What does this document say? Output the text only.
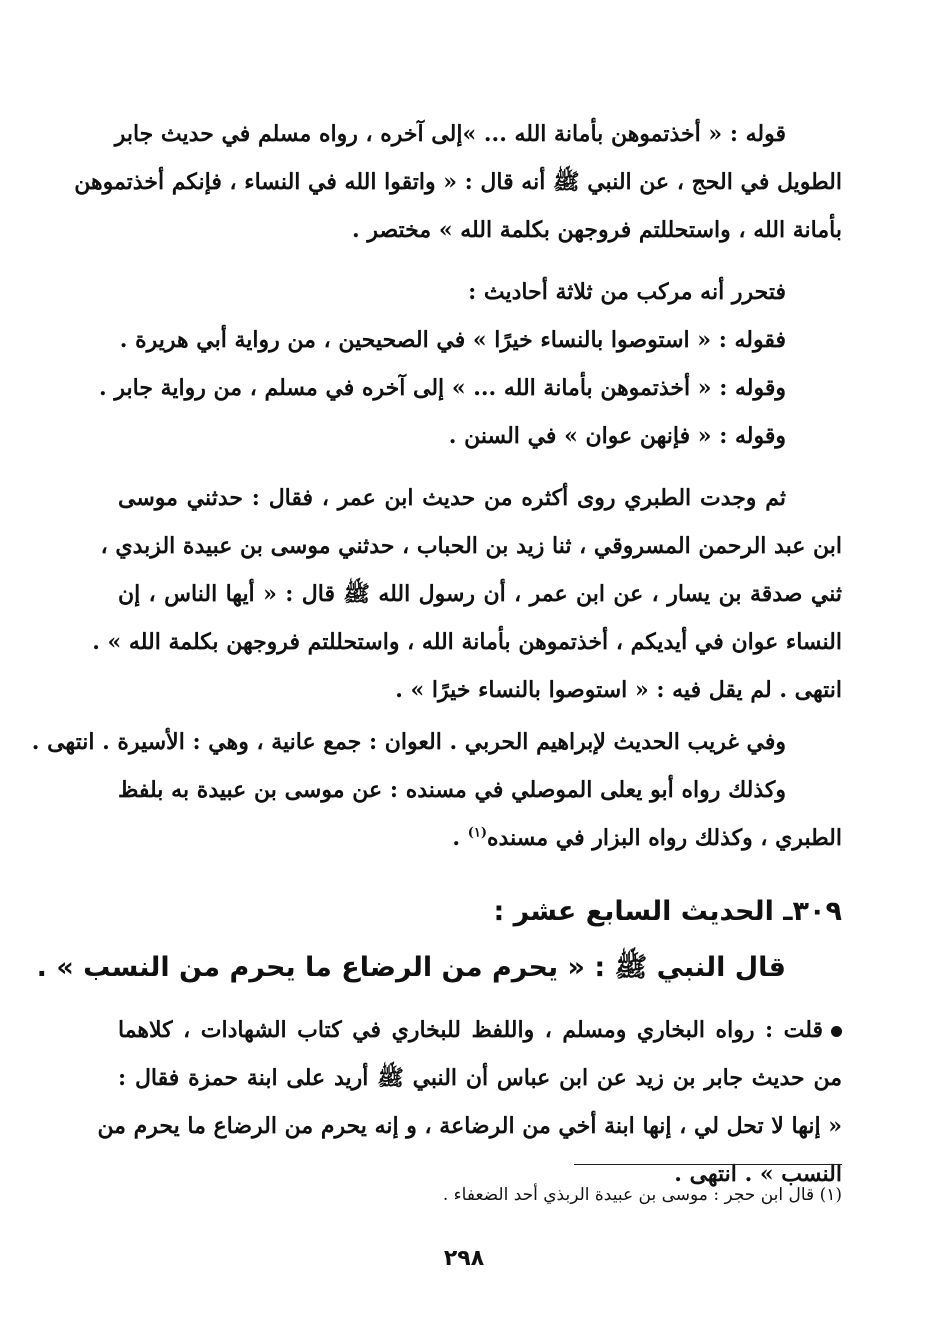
قوله : « أخذتموهن بأمانة الله ... »إلى آخره ، رواه مسلم في حديث جابر
الطويل في الحج ، عن النبي ﷺ أنه قال : « واتقوا الله في النساء ، فإنكم أخذتموهن
بأمانة الله ، واستحللتم فروجهن بكلمة الله » مختصر .
فتحرر أنه مركب من ثلاثة أحاديث :
فقوله : « استوصوا بالنساء خيرًا » في الصحيحين ، من رواية أبي هريرة .
وقوله : « أخذتموهن بأمانة الله ... » إلى آخره في مسلم ، من رواية جابر .
وقوله : « فإنهن عوان » في السنن .
ثم وجدت الطبري روى أكثره من حديث ابن عمر ، فقال : حدثني موسى
ابن عبد الرحمن المسروقي ، ثنا زيد بن الحباب ، حدثني موسى بن عبيدة الزبدي ،
ثني صدقة بن يسار ، عن ابن عمر ، أن رسول الله ﷺ قال : « أيها الناس ، إن
النساء عوان في أيديكم ، أخذتموهن بأمانة الله ، واستحللتم فروجهن بكلمة الله » .
انتهى . لم يقل فيه : « استوصوا بالنساء خيرًا » .
وفي غريب الحديث لإبراهيم الحربي . العوان : جمع عانية ، وهي : الأسيرة . انتهى .
وكذلك رواه أبو يعلى الموصلي في مسنده : عن موسى بن عبيدة به بلفظ
الطبري ، وكذلك رواه البزار في مسنده$^{(١)}$ .
٣٠٩ـ الحديث السابع عشر :
قال النبي ﷺ : « يحرم من الرضاع ما يحرم من النسب » .
قلت : رواه البخاري ومسلم ، واللفظ للبخاري في كتاب الشهادات ، كلاهما
من حديث جابر بن زيد عن ابن عباس أن النبي ﷺ أريد على ابنة حمزة فقال :
« إنها لا تحل لي ، إنها ابنة أخي من الرضاعة ، و إنه يحرم من الرضاع ما يحرم من
النسب » . انتهى .
(١) قال ابن حجر : موسى بن عبيدة الربذي أحد الضعفاء .
٢٩٨
